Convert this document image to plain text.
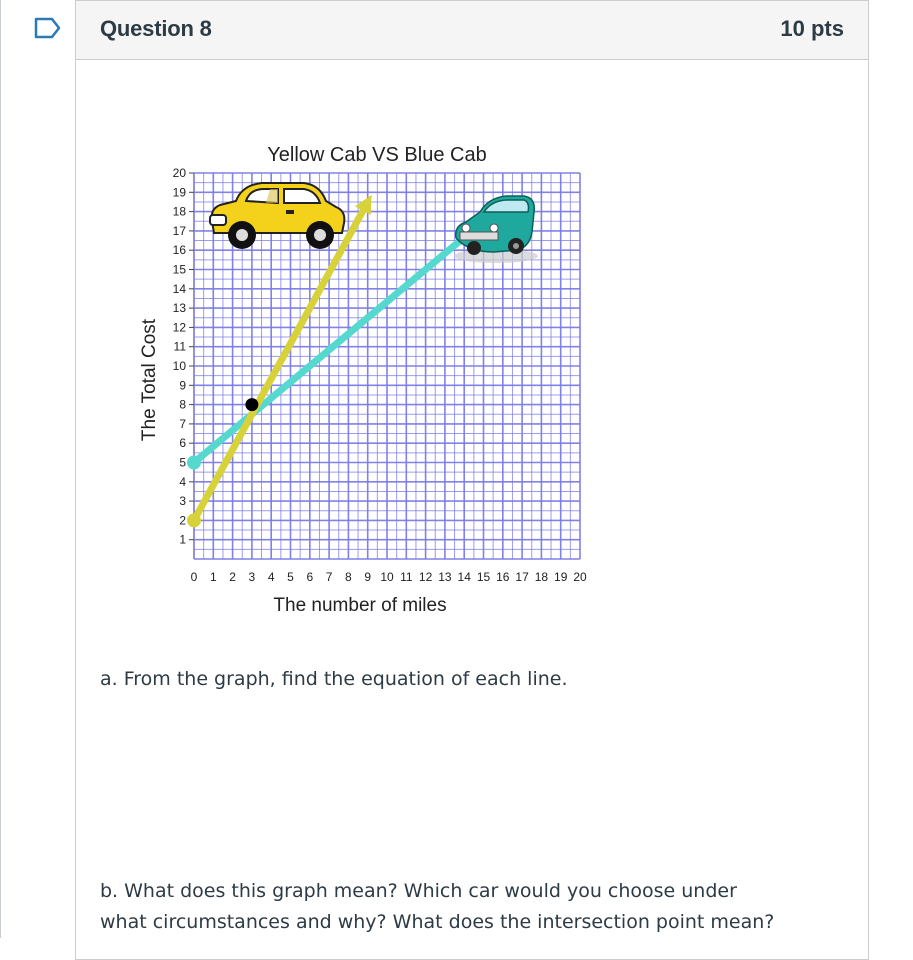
Question 8	10 pts
Yellow Cab VS Blue Cab
1
2
3
4
5
6
7
8
9
10
11
12
13
14
15
16
17
18
19
20
0 1 2 3 4 5 6 7 8 9 10 11 12 13 14 15 16 17 18 19 20
The number of miles
The Total Cost
a. From the graph, find the equation of each line.
b. What does this graph mean? Which car would you choose under what circumstances and why? What does the intersection point mean?
